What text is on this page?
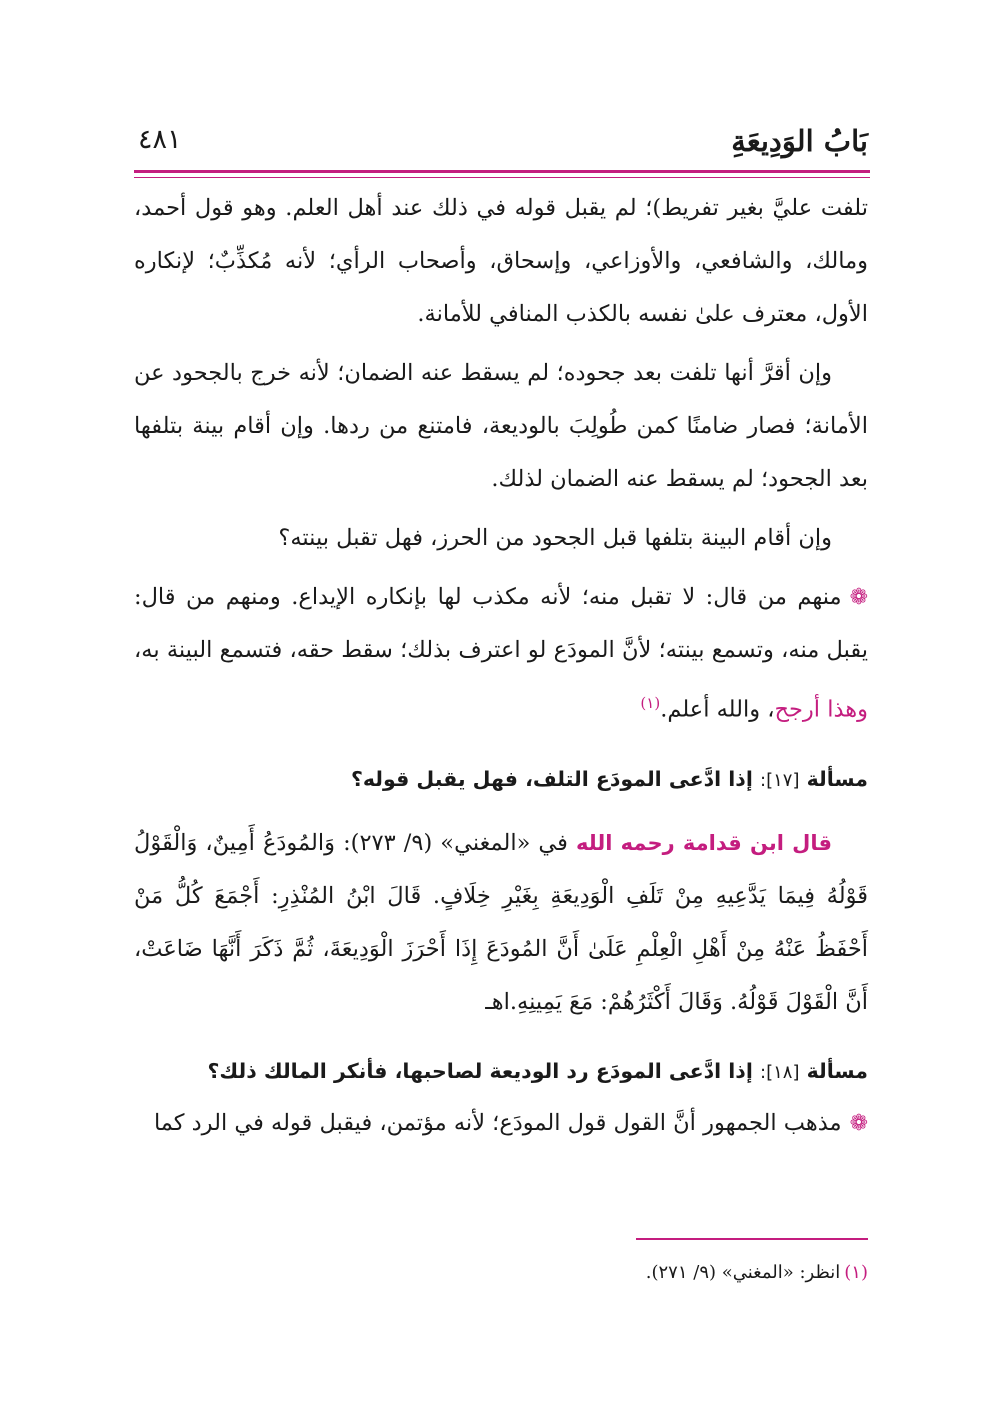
بَابُ الوَدِيعَةِ
٤٨١

تلفت عليَّ بغير تفريط)؛ لم يقبل قوله في ذلك عند أهل العلم. وهو قول أحمد، ومالك، والشافعي، والأوزاعي، وإسحاق، وأصحاب الرأي؛ لأنه مُكذِّبٌ؛ لإنكاره الأول، معترف علىٰ نفسه بالكذب المنافي للأمانة.

وإن أقرَّ أنها تلفت بعد جحوده؛ لم يسقط عنه الضمان؛ لأنه خرج بالجحود عن الأمانة؛ فصار ضامنًا كمن طُولِبَ بالوديعة، فامتنع من ردها. وإن أقام بينة بتلفها بعد الجحود؛ لم يسقط عنه الضمان لذلك.

وإن أقام البينة بتلفها قبل الجحود من الحرز، فهل تقبل بينته؟

❁منهم من قال: لا تقبل منه؛ لأنه مكذب لها بإنكاره الإيداع. ومنهم من قال: يقبل منه، وتسمع بينته؛ لأنَّ المودَع لو اعترف بذلك؛ سقط حقه، فتسمع البينة به، وهذا أرجح، والله أعلم.$^{(١)}$

مسألة [١٧]: إذا ادَّعى المودَع التلف، فهل يقبل قوله؟

قال ابن قدامة رحمه الله في «المغني» (٩/ ٢٧٣): وَالمُودَعُ أَمِينٌ، وَالْقَوْلُ قَوْلُهُ فِيمَا يَدَّعِيهِ مِنْ تَلَفِ الْوَدِيعَةِ بِغَيْرِ خِلَافٍ. قَالَ ابْنُ المُنْذِرِ: أَجْمَعَ كُلُّ مَنْ أَحْفَظُ عَنْهُ مِنْ أَهْلِ الْعِلْمِ عَلَىٰ أَنَّ المُودَعَ إِذَا أَحْرَزَ الْوَدِيعَةَ، ثُمَّ ذَكَرَ أَنَّهَا ضَاعَتْ، أَنَّ الْقَوْلَ قَوْلُهُ. وَقَالَ أَكْثَرُهُمْ: مَعَ يَمِينِهِ.اهـ

مسألة [١٨]: إذا ادَّعى المودَع رد الوديعة لصاحبها، فأنكر المالك ذلك؟

❁مذهب الجمهور أنَّ القول قول المودَع؛ لأنه مؤتمن، فيقبل قوله في الرد كما

(١)انظر: «المغني» (٩/ ٢٧١).
